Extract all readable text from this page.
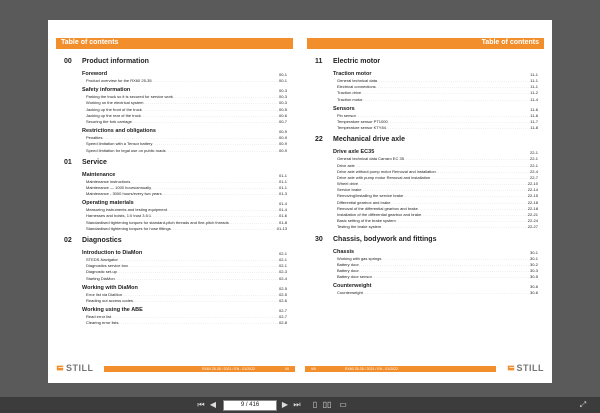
Table of contents
00	Product information
Foreword	00-1
Product overview for the RX60 25-35 .....	00-1
Safety information	00-3
Parking the truck so it is secured for service work .....	00-3
Working on the electrical system .....	00-3
Jacking up the front of the truck .....	00-5
Jacking up the rear of the truck .....	00-6
Securing the fork carriage .....	00-7
Restrictions and obligations	00-9
Penalties .....	00-9
Speed limitation with a Tensor battery .....	00-9
Speed limitation for legal use on public roads .....	00-9
01	Service
Maintenance	01-1
Maintenance instructions .....	01-1
Maintenance — 1000 hours/annually .....	01-1
Maintenance - 3000 hours/every two years .....	01-3
Operating materials	01-4
Measuring instruments and testing equipment .....	01-4
Harnesses and hoists, 1:0 trust 3.5:1 .....	01-6
Standardised tightening torques for standard-pitch threads and fine-pitch threads .....	01-8
Standardised tightening torques for hose fittings .....	01-13
02	Diagnostics
Introduction to DiaMon	02-1
STEDS-Navigator .....	02-1
Diagnostics service box .....	02-1
Diagnostic set-up .....	02-3
Starting DiaMon .....	02-4
Working with DiaMon	02-5
Error list via DiaMon .....	02-5
Reading out access codes .....	02-6
Working using the ABE	02-7
Read error list .....	02-7
Clearing error lists .....	02-8
STILL	RX60 25-35 / 2021 / EN - 01/2022	VII
Table of contents
11	Electric motor
Traction motor	11-1
General technical data .....	11-1
Electrical connections .....	11-1
Traction drive .....	11-2
Traction motor .....	11-4
Sensors	11-6
Pin sensor .....	11-6
Temperature sensor PT1000 .....	11-7
Temperature sensor KTY84 .....	11-8
22	Mechanical drive axle
Drive axle EC35	22-1
General technical data Carraro EC 35 .....	22-1
Drive axle .....	22-1
Drive axle without pump motor Removal and installation .....	22-4
Drive axle with pump motor Removal and installation .....	22-7
Wheel drive .....	22-10
Service brake .....	22-14
Removing/installing the service brake .....	22-15
Differential gearbox and brake .....	22-18
Removal of the differential gearbox and brake .....	22-18
Installation of the differential gearbox and brake .....	22-21
Basic setting of the brake system .....	22-24
Testing the brake system .....	22-27
30	Chassis, bodywork and fittings
Chassis	30-1
Working with gas springs .....	30-1
Battery door .....	30-2
Battery door .....	30-3
Battery door sensor .....	30-5
Counterweight	30-6
Counterweight .....	30-6
VIII	RX60 25-35 / 2021 / EN - 01/2022	STILL
⏮ ◀	9 / 416	▶ ⏭	▯ ▯▯ ▭	⤢
